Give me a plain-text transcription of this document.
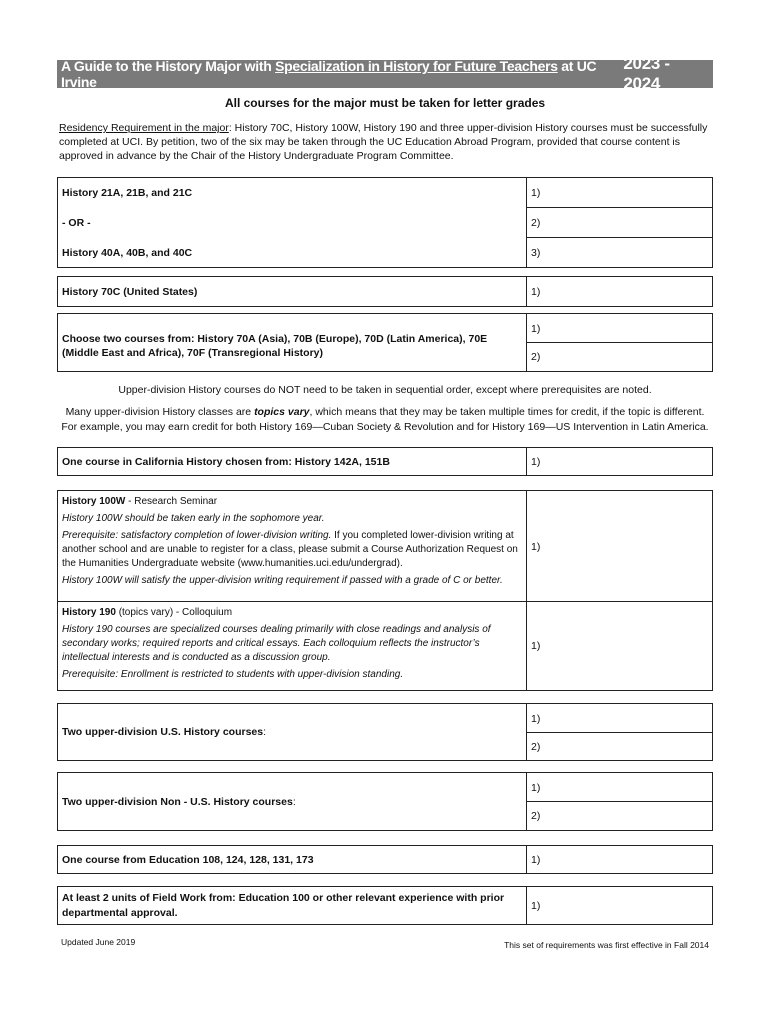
A Guide to the History Major with Specialization in History for Future Teachers at UC Irvine
2023 - 2024
All courses for the major must be taken for letter grades
Residency Requirement in the major: History 70C, History 100W, History 190 and three upper-division History courses must be successfully completed at UCI. By petition, two of the six may be taken through the UC Education Abroad Program, provided that course content is approved in advance by the Chair of the History Undergraduate Program Committee.
History 21A, 21B, and 21C	1)
- OR -	2)
History 40A, 40B, and 40C	3)
History 70C (United States)	1)
Choose two courses from: History 70A (Asia), 70B (Europe), 70D (Latin America), 70E (Middle East and Africa), 70F (Transregional History)
1)
2)
Upper-division History courses do NOT need to be taken in sequential order, except where prerequisites are noted.
Many upper-division History classes are topics vary, which means that they may be taken multiple times for credit, if the topic is different.
For example, you may earn credit for both History 169—Cuban Society & Revolution and for History 169—US Intervention in Latin America.
One course in California History chosen from: History 142A, 151B	1)
History 100W - Research Seminar
History 100W should be taken early in the sophomore year.
Prerequisite: satisfactory completion of lower-division writing. If you completed lower-division writing at another school and are unable to register for a class, please submit a Course Authorization Request on the Humanities Undergraduate website (www.humanities.uci.edu/undergrad).
History 100W will satisfy the upper-division writing requirement if passed with a grade of C or better.
1)
History 190 (topics vary) - Colloquium
History 190 courses are specialized courses dealing primarily with close readings and analysis of secondary works; required reports and critical essays. Each colloquium reflects the instructor’s intellectual interests and is conducted as a discussion group.
Prerequisite: Enrollment is restricted to students with upper-division standing.
1)
Two upper-division U.S. History courses :
1)
2)
Two upper-division Non - U.S. History courses :
1)
2)
One course from Education 108, 124, 128, 131, 173	1)
At least 2 units of Field Work from: Education 100 or other relevant experience with prior departmental approval.
1)
Updated June 2019	This set of requirements was first effective in Fall 2014
